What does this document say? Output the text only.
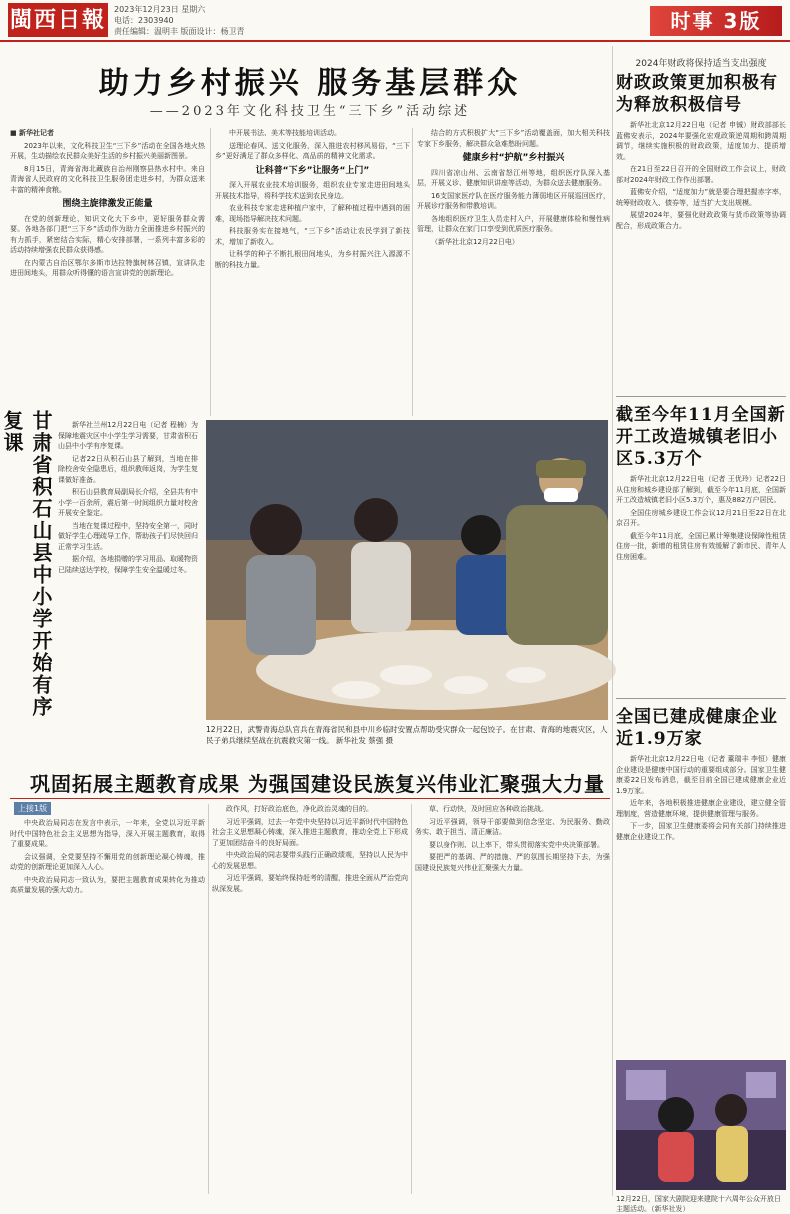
閩西日報 2023年12月23日 星期六
电话：2303940
责任编辑：温明丰 版面设计：杨卫青	时事 3版
助力乡村振兴 服务基层群众
——2023年文化科技卫生“三下乡”活动综述

■ 新华社记者

2023年以来，文化科技卫生“三下乡”活动在全国各地火热开展，生动描绘农民群众美好生活的乡村振兴美丽新图景。

8月15日，青海省海北藏族自治州刚察县热水村中。来自青海省人民政府的文化科技卫生服务团走进乡村，为群众送来丰富的精神食粮。

围绕主旋律激发正能量

在党的创新理论、知识文化大下乡中，更好服务群众需要。各地各部门把“三下乡”活动作为助力全面推进乡村振兴的有力抓手，紧密结合实际，精心安排部署，一系列丰富多彩的活动持续增强农民群众获得感。

在内蒙古自治区鄂尔多斯市达拉特旗树林召镇，宣讲队走进田间地头，用群众听得懂的语言宣讲党的创新理论。

中开展书法、美术等技能培训活动。

送理论春风、送文化服务，深入推进农村移风易俗，“三下乡”更好满足了群众多样化、高品质的精神文化需求。

让科普“下乡”让服务“上门”

深入开展农业技术培训服务，组织农业专家走进田间地头开展技术指导，将科学技术送到农民身边。

农业科技专家走进种植户家中，了解种植过程中遇到的困难，现场指导解决技术问题。

科技服务实在接地气，“三下乡”活动让农民学到了新技术，增加了新收入。

让科学的种子不断扎根田间地头，为乡村振兴注入源源不断的科技力量。

结合的方式积极扩大“三下乡”活动覆盖面，加大相关科技专家下乡服务，解决群众急难愁盼问题。

健康乡村“护航”乡村振兴

四川省凉山州、云南省怒江州等地，组织医疗队深入基层，开展义诊、健康知识讲座等活动，为群众送去健康服务。

16支国家医疗队在医疗服务能力薄弱地区开展巡回医疗，开展诊疗服务和带教培训。

各地组织医疗卫生人员走村入户，开展健康体检和慢性病管理，让群众在家门口享受到优质医疗服务。

（新华社北京12月22日电）

甘肃省积石山县中小学开始有序复课	新华社兰州12月22日电（记者 程楠）为保障地震灾区中小学生学习需要，甘肃省积石山县中小学有序复课。

记者22日从积石山县了解到，当地在排除校舍安全隐患后，组织教师返岗，为学生复课做好准备。

积石山县教育局副局长介绍，全县共有中小学一百余所，震后第一时间组织力量对校舍开展安全鉴定。

当地在复课过程中，坚持安全第一，同时做好学生心理疏导工作，帮助孩子们尽快回归正常学习生活。

据介绍，各地捐赠的学习用品、取暖物资已陆续送达学校，保障学生安全温暖过冬。

12月22日，武警青海总队官兵在青海省民和县中川乡临时安置点帮助受灾群众一起包饺子。在甘肃、青海的地震灾区，人民子弟兵继续坚战在抗震救灾第一线。 新华社发 蔡强 摄
巩固拓展主题教育成果 为强国建设民族复兴伟业汇聚强大力量
上接1版

中央政治局同志在发言中表示，一年来，全党以习近平新时代中国特色社会主义思想为指导，深入开展主题教育，取得了重要成果。

会议强调，全党要坚持不懈用党的创新理论凝心铸魂，推动党的创新理论更加深入人心。

中央政治局同志一致认为，要把主题教育成果转化为推动高质量发展的强大动力。

政作风，打好政治底色，净化政治灵魂的目的。

习近平强调，过去一年党中央坚持以习近平新时代中国特色社会主义思想凝心铸魂，深入推进主题教育，推动全党上下形成了更加团结奋斗的良好局面。

中央政治局的同志要带头践行正确政绩观，坚持以人民为中心的发展思想。

习近平强调，要始终保持赶考的清醒，推进全面从严治党向纵深发展。

草、行动快，及时回应各种政治挑战。

习近平强调，领导干部要做到信念坚定、为民服务、勤政务实、敢于担当、清正廉洁。

要以身作则、以上率下，带头贯彻落实党中央决策部署。

要把严的基调、严的措施、严的氛围长期坚持下去，为强国建设民族复兴伟业汇聚强大力量。

2024年财政将保持适当支出强度
财政政策更加积极有为释放积极信号

新华社北京12月22日电（记者 申铖）财政部部长蓝佛安表示，2024年要强化宏观政策逆周期和跨周期调节，继续实施积极的财政政策，适度加力、提质增效。

在21日至22日召开的全国财政工作会议上，财政部对2024年财政工作作出部署。

蓝佛安介绍，“适度加力”就是要合理把握赤字率，统筹财政收入、债券等，适当扩大支出规模。

展望2024年，要强化财政政策与货币政策等协调配合，形成政策合力。

截至今年11月全国新开工改造城镇老旧小区5.3万个

新华社北京12月22日电（记者 王优玲）记者22日从住房和城乡建设部了解到，截至今年11月底，全国新开工改造城镇老旧小区5.3万个，惠及882万户居民。

全国住房城乡建设工作会议12月21日至22日在北京召开。

截至今年11月底，全国已累计筹集建设保障性租赁住房一批，新增的租赁住房有效缓解了新市民、青年人住房困难。

全国已建成健康企业近1.9万家

新华社北京12月22日电（记者 董瑞丰 李恒）健康企业建设是健康中国行动的重要组成部分。国家卫生健康委22日发布消息，截至目前全国已建成健康企业近1.9万家。

近年来，各地积极推进健康企业建设，建立健全管理制度，营造健康环境，提供健康管理与服务。

下一步，国家卫生健康委将会同有关部门持续推进健康企业建设工作。

12月22日，国家大剧院迎来建院十六周年公众开放日主题活动。（新华社发）
